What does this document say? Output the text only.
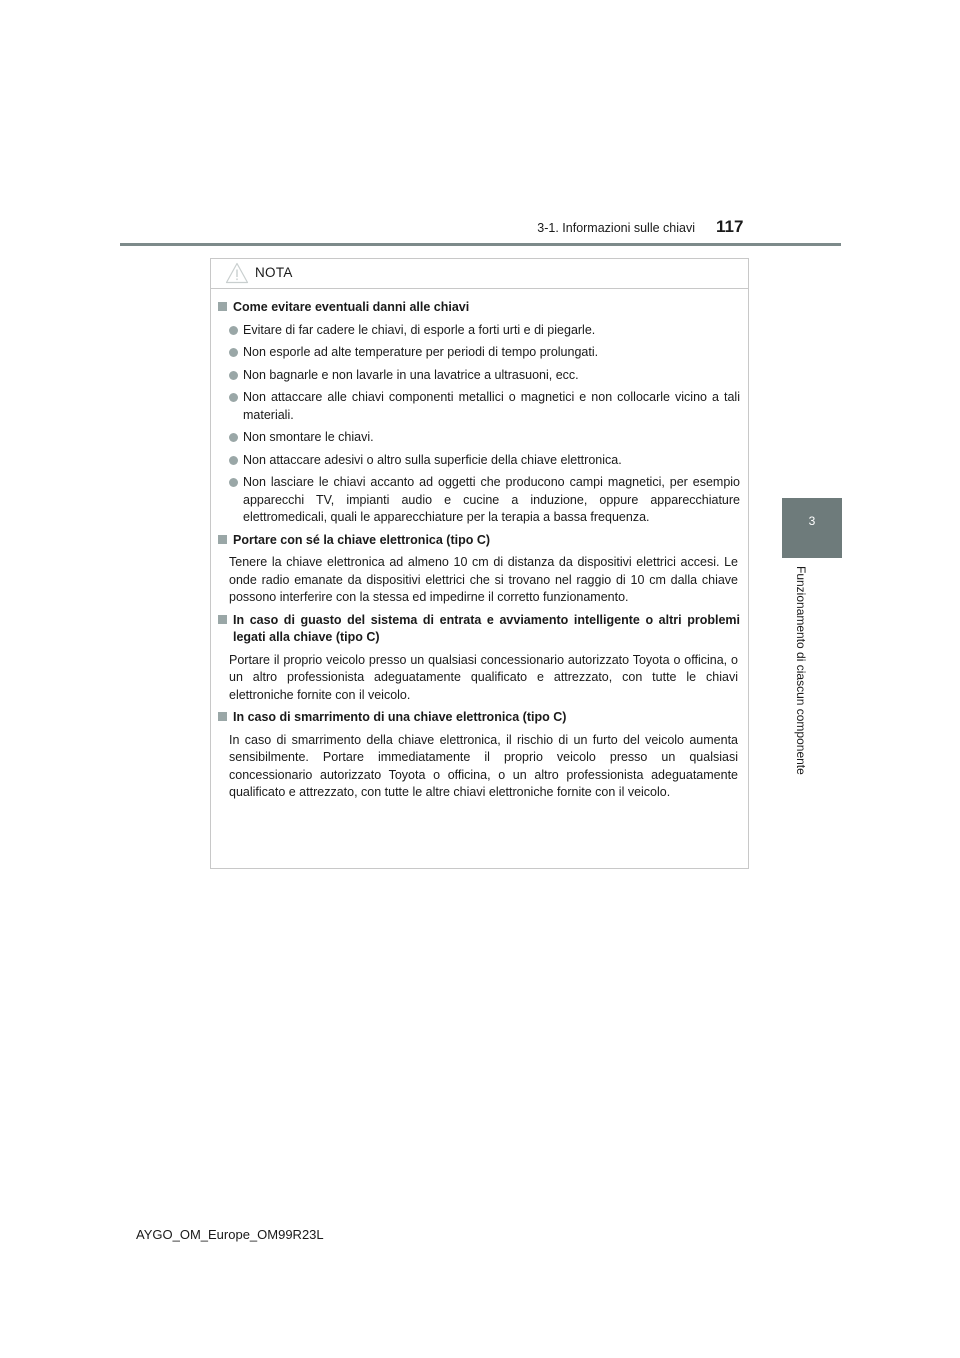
3-1. Informazioni sulle chiavi 117
3
Funzionamento di ciascun componente
NOTA
Come evitare eventuali danni alle chiavi
Evitare di far cadere le chiavi, di esporle a forti urti e di piegarle.
Non esporle ad alte temperature per periodi di tempo prolungati.
Non bagnarle e non lavarle in una lavatrice a ultrasuoni, ecc.
Non attaccare alle chiavi componenti metallici o magnetici e non collocarle vicino a tali materiali.
Non smontare le chiavi.
Non attaccare adesivi o altro sulla superficie della chiave elettronica.
Non lasciare le chiavi accanto ad oggetti che producono campi magnetici, per esempio apparecchi TV, impianti audio e cucine a induzione, oppure apparecchiature elettromedicali, quali le apparecchiature per la terapia a bassa frequenza.
Portare con sé la chiave elettronica (tipo C)
Tenere la chiave elettronica ad almeno 10 cm di distanza da dispositivi elettrici accesi. Le onde radio emanate da dispositivi elettrici che si trovano nel raggio di 10 cm dalla chiave possono interferire con la stessa ed impedirne il corretto funzionamento.
In caso di guasto del sistema di entrata e avviamento intelligente o altri problemi legati alla chiave (tipo C)
Portare il proprio veicolo presso un qualsiasi concessionario autorizzato Toyota o officina, o un altro professionista adeguatamente qualificato e attrezzato, con tutte le chiavi elettroniche fornite con il veicolo.
In caso di smarrimento di una chiave elettronica (tipo C)
In caso di smarrimento della chiave elettronica, il rischio di un furto del veicolo aumenta sensibilmente. Portare immediatamente il proprio veicolo presso un qualsiasi concessionario autorizzato Toyota o officina, o un altro professionista adeguatamente qualificato e attrezzato, con tutte le altre chiavi elettroniche fornite con il veicolo.
AYGO_OM_Europe_OM99R23L
